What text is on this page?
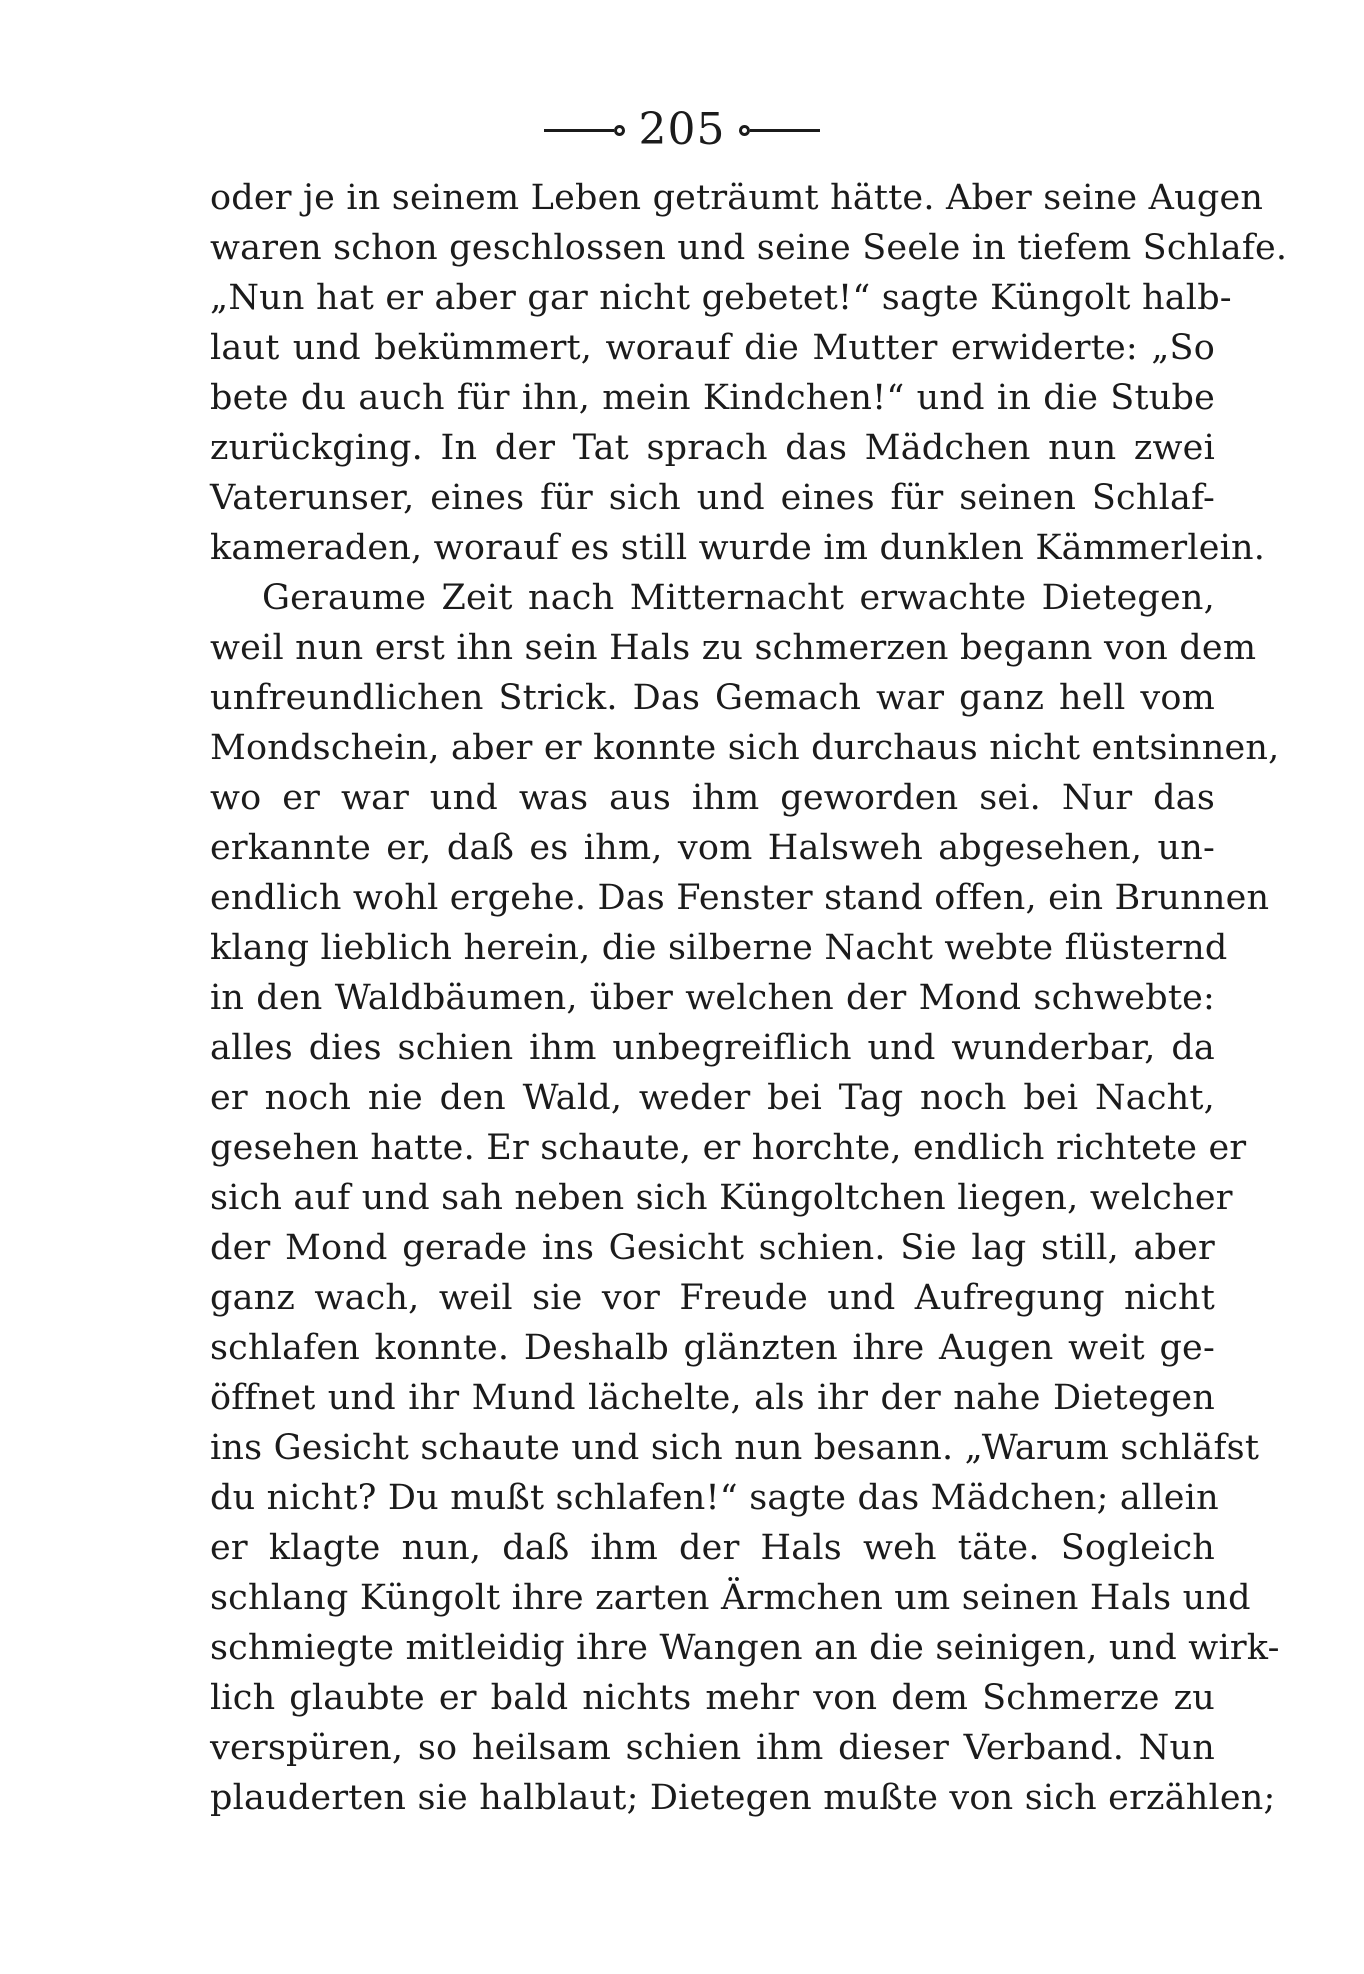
205
oder je in seinem Leben geträumt hätte. Aber seine Augen
waren schon geschlossen und seine Seele in tiefem Schlafe.
„Nun hat er aber gar nicht gebetet!“ sagte Küngolt halb-
laut und bekümmert, worauf die Mutter erwiderte: „So
bete du auch für ihn, mein Kindchen!“ und in die Stube
zurückging. In der Tat sprach das Mädchen nun zwei
Vaterunser, eines für sich und eines für seinen Schlaf-
kameraden, worauf es still wurde im dunklen Kämmerlein.
Geraume Zeit nach Mitternacht erwachte Dietegen,
weil nun erst ihn sein Hals zu schmerzen begann von dem
unfreundlichen Strick. Das Gemach war ganz hell vom
Mondschein, aber er konnte sich durchaus nicht entsinnen,
wo er war und was aus ihm geworden sei. Nur das
erkannte er, daß es ihm, vom Halsweh abgesehen, un-
endlich wohl ergehe. Das Fenster stand offen, ein Brunnen
klang lieblich herein, die silberne Nacht webte flüsternd
in den Waldbäumen, über welchen der Mond schwebte:
alles dies schien ihm unbegreiflich und wunderbar, da
er noch nie den Wald, weder bei Tag noch bei Nacht,
gesehen hatte. Er schaute, er horchte, endlich richtete er
sich auf und sah neben sich Küngoltchen liegen, welcher
der Mond gerade ins Gesicht schien. Sie lag still, aber
ganz wach, weil sie vor Freude und Aufregung nicht
schlafen konnte. Deshalb glänzten ihre Augen weit ge-
öffnet und ihr Mund lächelte, als ihr der nahe Dietegen
ins Gesicht schaute und sich nun besann. „Warum schläfst
du nicht? Du mußt schlafen!“ sagte das Mädchen; allein
er klagte nun, daß ihm der Hals weh täte. Sogleich
schlang Küngolt ihre zarten Ärmchen um seinen Hals und
schmiegte mitleidig ihre Wangen an die seinigen, und wirk-
lich glaubte er bald nichts mehr von dem Schmerze zu
verspüren, so heilsam schien ihm dieser Verband. Nun
plauderten sie halblaut; Dietegen mußte von sich erzählen;
